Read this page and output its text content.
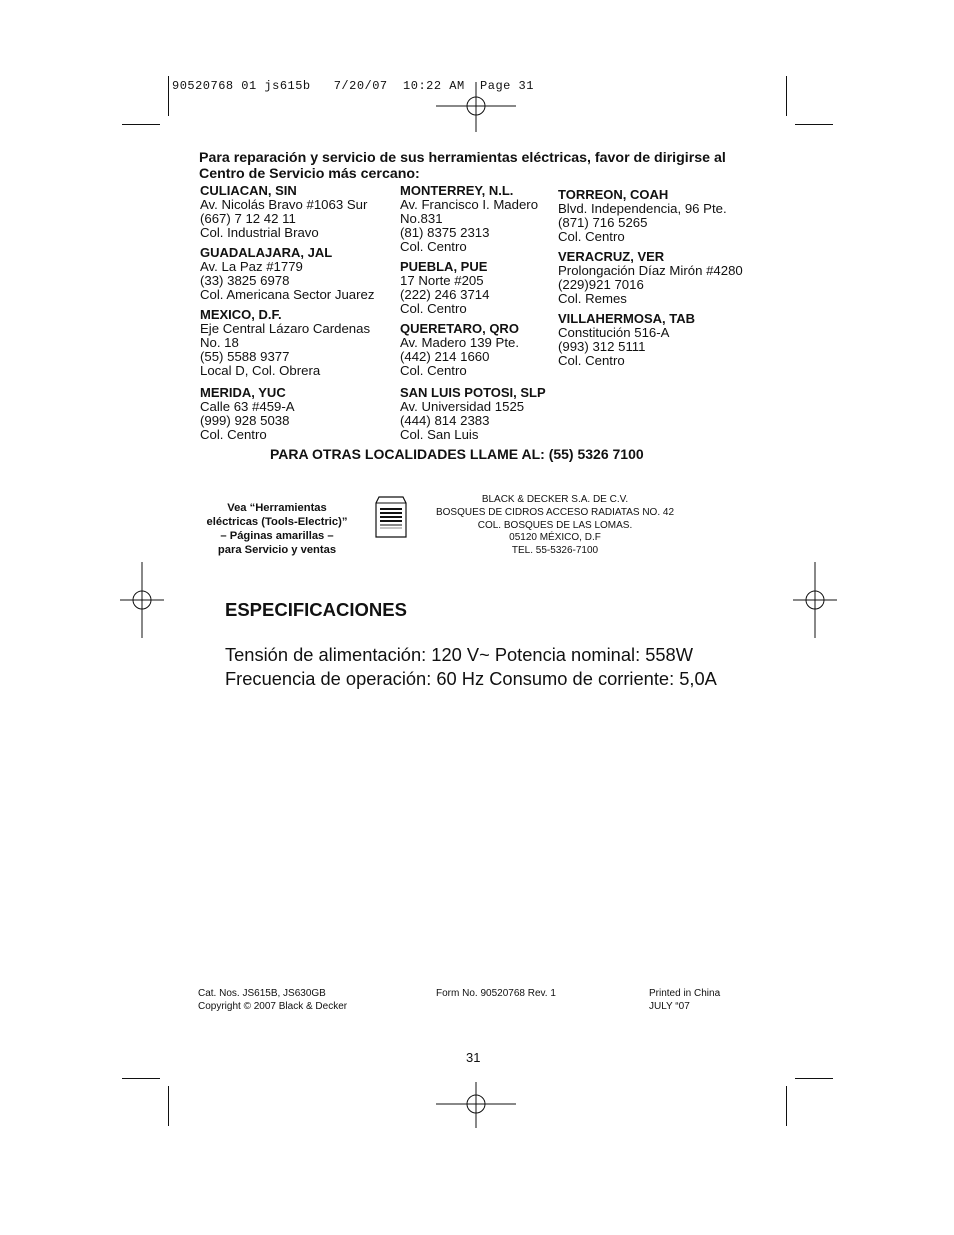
90520768 01 js615b   7/20/07  10:22 AM  Page 31
Para reparación y servicio de sus herramientas eléctricas, favor de dirigirse al Centro de Servicio más cercano:
CULIACAN, SIN
Av. Nicolás Bravo #1063 Sur
(667) 7 12 42 11
Col. Industrial Bravo
GUADALAJARA, JAL
Av. La Paz #1779
(33) 3825 6978
Col. Americana Sector Juarez
MEXICO, D.F.
Eje Central Lázaro Cardenas
No. 18
(55) 5588 9377
Local D, Col. Obrera
MERIDA, YUC
Calle 63 #459-A
(999) 928 5038
Col. Centro
MONTERREY, N.L.
Av. Francisco I. Madero
No.831
(81) 8375 2313
Col. Centro
PUEBLA, PUE
17 Norte #205
(222) 246 3714
Col. Centro
QUERETARO, QRO
Av. Madero 139 Pte.
(442) 214 1660
Col. Centro
SAN LUIS POTOSI, SLP
Av. Universidad 1525
(444) 814 2383
Col. San Luis
TORREON, COAH
Blvd. Independencia, 96 Pte.
(871) 716 5265
Col. Centro
VERACRUZ, VER
Prolongación Díaz Mirón #4280
(229)921 7016
Col. Remes
VILLAHERMOSA, TAB
Constitución 516-A
(993) 312 5111
Col. Centro
PARA OTRAS LOCALIDADES LLAME AL: (55) 5326 7100
Vea “Herramientas
eléctricas (Tools-Electric)”
– Páginas amarillas –
para Servicio y ventas
BLACK & DECKER S.A. DE C.V.
BOSQUES DE CIDROS ACCESO RADIATAS NO. 42
COL. BOSQUES DE LAS LOMAS.
05120 MÉXICO, D.F
TEL. 55-5326-7100
ESPECIFICACIONES
Tensión de alimentación: 120 V~ Potencia nominal: 558W
Frecuencia de operación: 60 Hz Consumo de corriente: 5,0A
Cat. Nos. JS615B, JS630GB
Copyright © 2007 Black & Decker
Form No. 90520768 Rev. 1	Printed in China
JULY “07
31
